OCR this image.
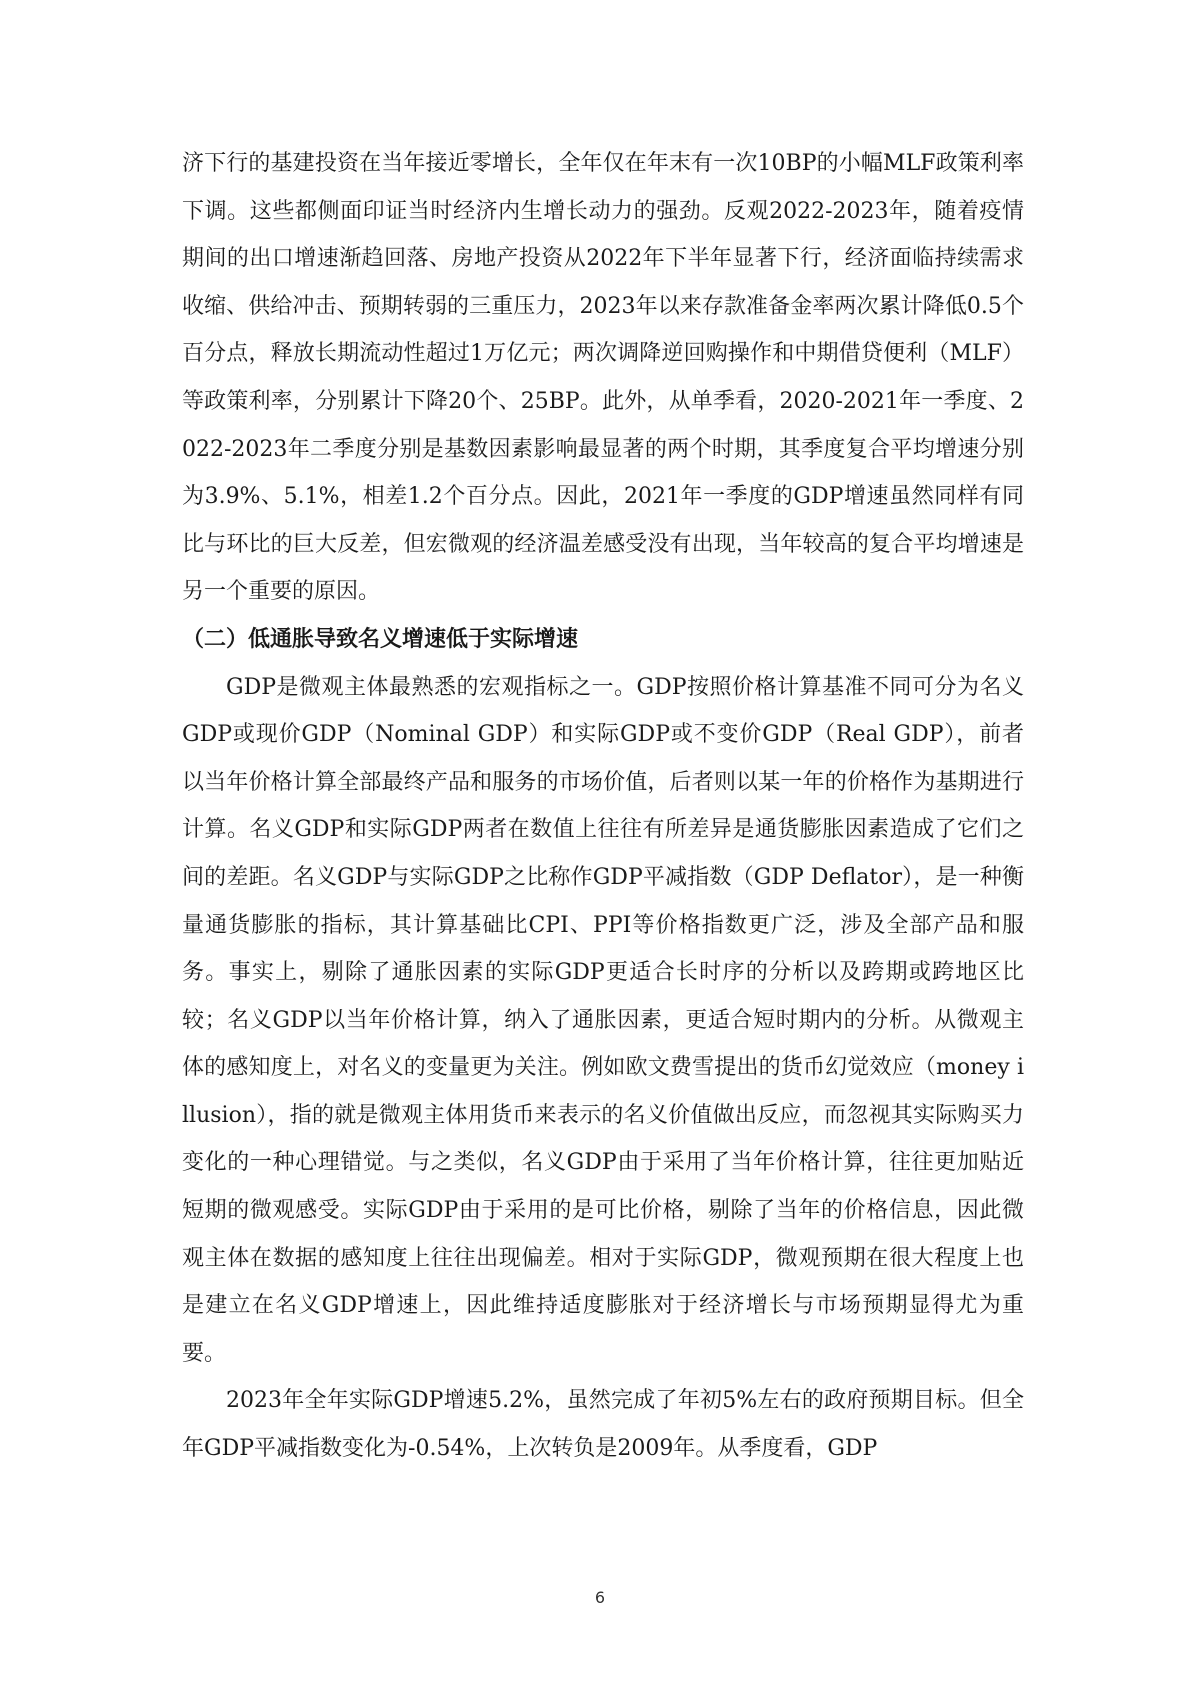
济下行的基建投资在当年接近零增长，全年仅在年末有一次10BP的小幅MLF政策利率下调。这些都侧面印证当时经济内生增长动力的强劲。反观2022-2023年，随着疫情期间的出口增速渐趋回落、房地产投资从2022年下半年显著下行，经济面临持续需求收缩、供给冲击、预期转弱的三重压力，2023年以来存款准备金率两次累计降低0.5个百分点，释放长期流动性超过1万亿元；两次调降逆回购操作和中期借贷便利（MLF）等政策利率，分别累计下降20个、25BP。此外，从单季看，2020-2021年一季度、2022-2023年二季度分别是基数因素影响最显著的两个时期，其季度复合平均增速分别为3.9%、5.1%，相差1.2个百分点。因此，2021年一季度的GDP增速虽然同样有同比与环比的巨大反差，但宏微观的经济温差感受没有出现，当年较高的复合平均增速是另一个重要的原因。

（二）低通胀导致名义增速低于实际增速

GDP是微观主体最熟悉的宏观指标之一。GDP按照价格计算基准不同可分为名义GDP或现价GDP（Nominal GDP）和实际GDP或不变价GDP（Real GDP），前者以当年价格计算全部最终产品和服务的市场价值，后者则以某一年的价格作为基期进行计算。名义GDP和实际GDP两者在数值上往往有所差异是通货膨胀因素造成了它们之间的差距。名义GDP与实际GDP之比称作GDP平减指数（GDP Deflator），是一种衡量通货膨胀的指标，其计算基础比CPI、PPI等价格指数更广泛，涉及全部产品和服务。事实上，剔除了通胀因素的实际GDP更适合长时序的分析以及跨期或跨地区比较；名义GDP以当年价格计算，纳入了通胀因素，更适合短时期内的分析。从微观主体的感知度上，对名义的变量更为关注。例如欧文费雪提出的货币幻觉效应（money illusion），指的就是微观主体用货币来表示的名义价值做出反应，而忽视其实际购买力变化的一种心理错觉。与之类似，名义GDP由于采用了当年价格计算，往往更加贴近短期的微观感受。实际GDP由于采用的是可比价格，剔除了当年的价格信息，因此微观主体在数据的感知度上往往出现偏差。相对于实际GDP，微观预期在很大程度上也是建立在名义GDP增速上，因此维持适度膨胀对于经济增长与市场预期显得尤为重要。

2023年全年实际GDP增速5.2%，虽然完成了年初5%左右的政府预期目标。但全年GDP平减指数变化为-0.54%，上次转负是2009年。从季度看，GDP

6
